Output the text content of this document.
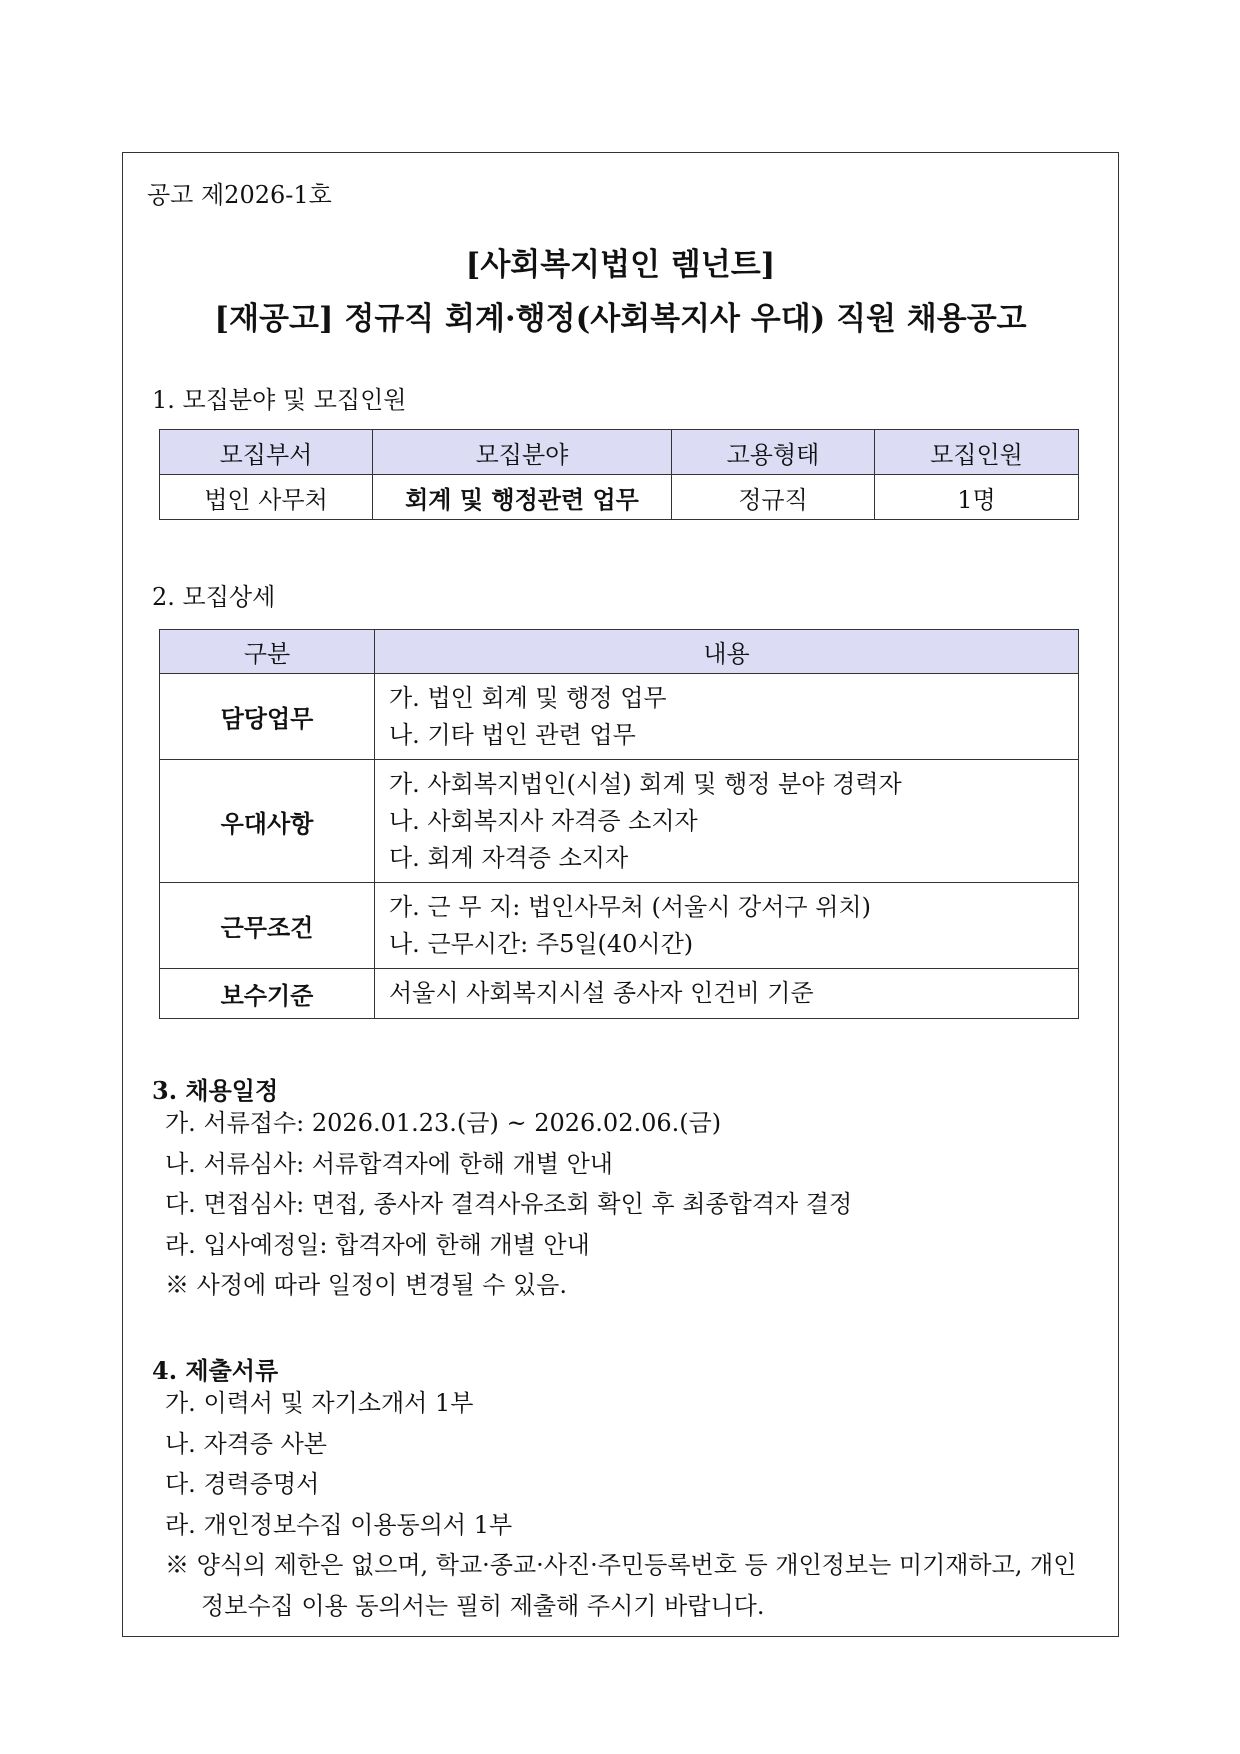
공고 제2026-1호
[사회복지법인 렘넌트]
[재공고] 정규직 회계·행정(사회복지사 우대) 직원 채용공고
1. 모집분야 및 모집인원
모집부서	모집분야	고용형태	모집인원
법인 사무처	회계 및 행정관련 업무	정규직	1명
2. 모집상세
구분	내용
담당업무	가. 법인 회계 및 행정 업무
나. 기타 법인 관련 업무

우대사항	가. 사회복지법인(시설) 회계 및 행정 분야 경력자
나. 사회복지사 자격증 소지자
다. 회계 자격증 소지자

근무조건	가. 근 무 지: 법인사무처 (서울시 강서구 위치)
나. 근무시간: 주5일(40시간)

보수기준	서울시 사회복지시설 종사자 인건비 기준
3. 채용일정
가. 서류접수: 2026.01.23.(금) ~ 2026.02.06.(금)
나. 서류심사: 서류합격자에 한해 개별 안내
다. 면접심사: 면접, 종사자 결격사유조회 확인 후 최종합격자 결정
라. 입사예정일: 합격자에 한해 개별 안내
※ 사정에 따라 일정이 변경될 수 있음.
4. 제출서류
가. 이력서 및 자기소개서 1부
나. 자격증 사본
다. 경력증명서
라. 개인정보수집 이용동의서 1부
※ 양식의 제한은 없으며, 학교·종교·사진·주민등록번호 등 개인정보는 미기재하고, 개인정보수집 이용 동의서는 필히 제출해 주시기 바랍니다.
